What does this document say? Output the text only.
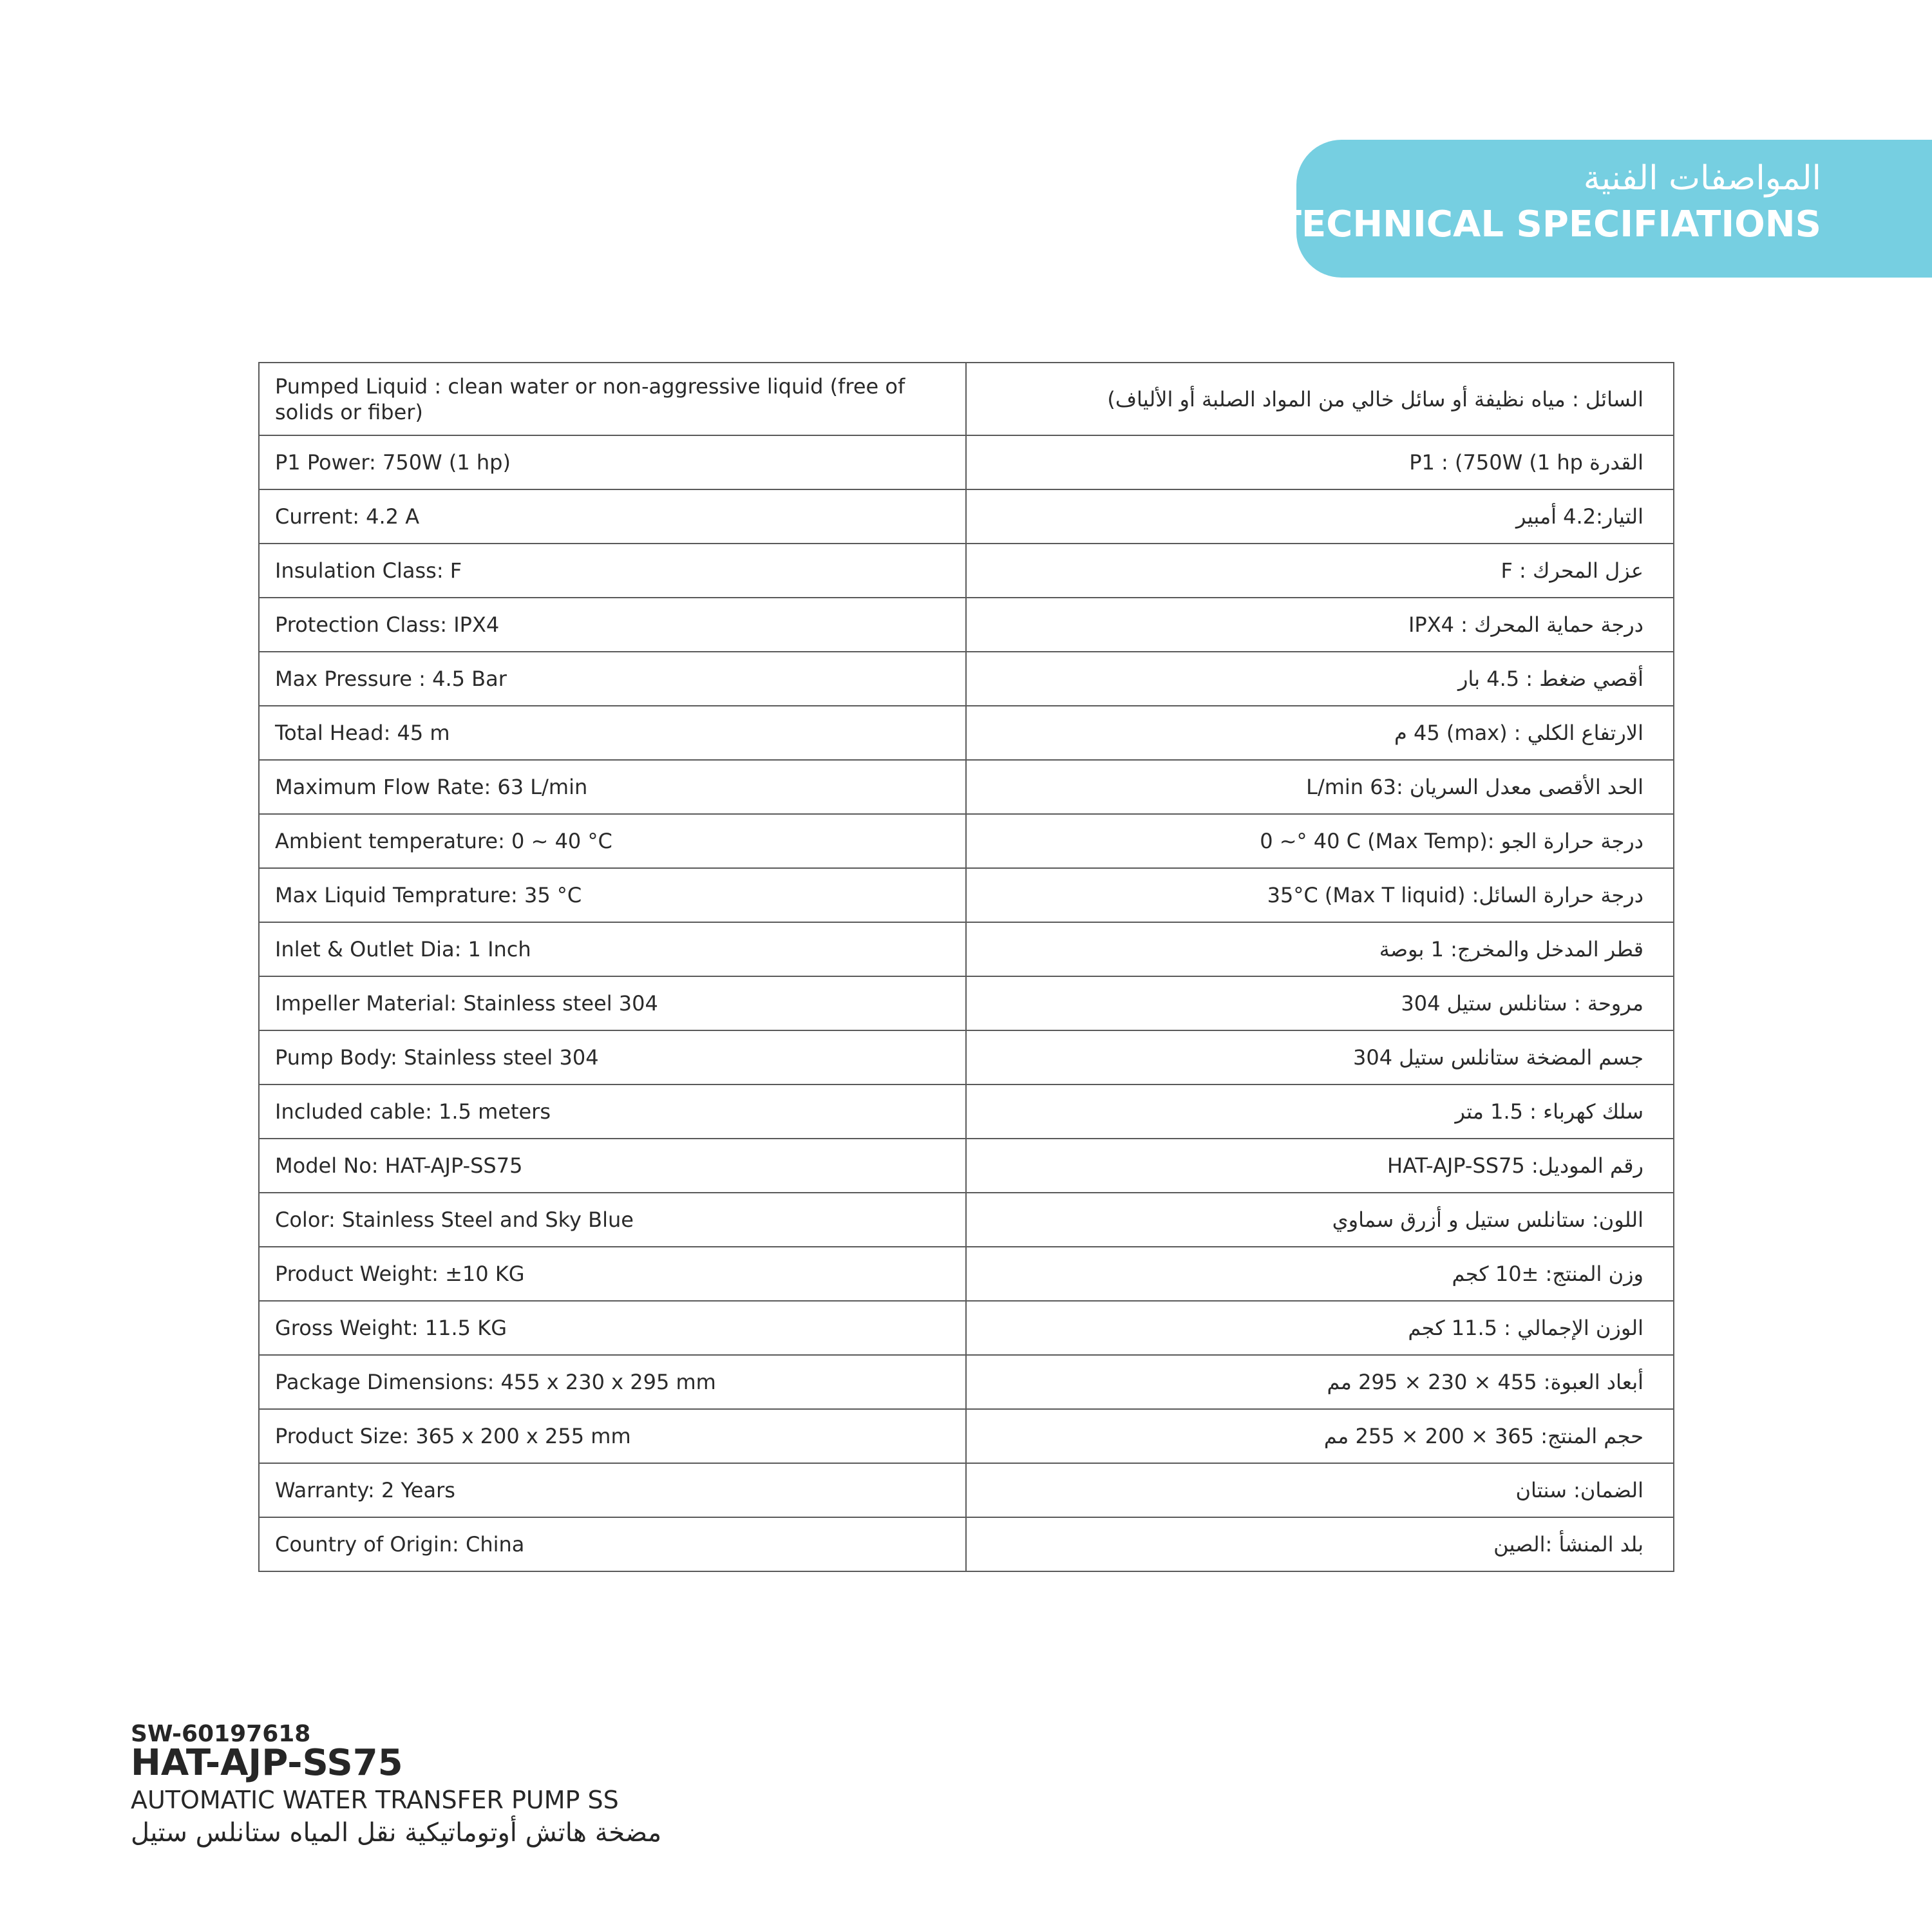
المواصفات الفنية
TECHNICAL SPECIFIATIONS
Pumped Liquid : clean water or non-aggressive liquid (free of solids or fiber)	السائل : مياه نظيفة أو سائل خالي من المواد الصلبة أو الألياف)
P1 Power: 750W (1 hp)	القدرة P1 : (750W (1 hp
Current: 4.2 A	التيار:4.2 أمبير
Insulation Class: F	عزل المحرك : F
Protection Class: IPX4	درجة حماية المحرك : IPX4
Max Pressure : 4.5 Bar	أقصي ضغط : 4.5 بار
Total Head: 45 m	الارتفاع الكلي : (max) 45 م
Maximum Flow Rate: 63 L/min	الحد الأقصى معدل السريان :L/min 63
Ambient temperature: 0 ~ 40 °C	درجة حرارة الجو :(Max Temp) 0 ~° 40 C
Max Liquid Temprature: 35 °C	درجة حرارة السائل: (Max T liquid) 35°C
Inlet & Outlet Dia: 1 Inch	قطر المدخل والمخرج: 1 بوصة
Impeller Material: Stainless steel 304	مروحة : ستانلس ستيل 304
Pump Body: Stainless steel 304	جسم المضخة ستانلس ستيل 304
Included cable: 1.5 meters	سلك كهرباء : 1.5 متر
Model No: HAT-AJP-SS75	رقم الموديل: HAT-AJP-SS75
Color: Stainless Steel and Sky Blue	اللون: ستانلس ستيل و أزرق سماوي
Product Weight: ±10 KG	وزن المنتج: ±10 كجم
Gross Weight: 11.5 KG	الوزن الإجمالي : 11.5 كجم
Package Dimensions: 455 x 230 x 295 mm	أبعاد العبوة: 455 × 230 × 295 مم
Product Size: 365 x 200 x 255 mm	حجم المنتج: 365 × 200 × 255 مم
Warranty: 2 Years	الضمان: سنتان
Country of Origin: China	بلد المنشأ :الصين
SW-60197618
HAT-AJP-SS75
AUTOMATIC WATER TRANSFER PUMP SS
مضخة هاتش أوتوماتيكية نقل المياه ستانلس ستيل
